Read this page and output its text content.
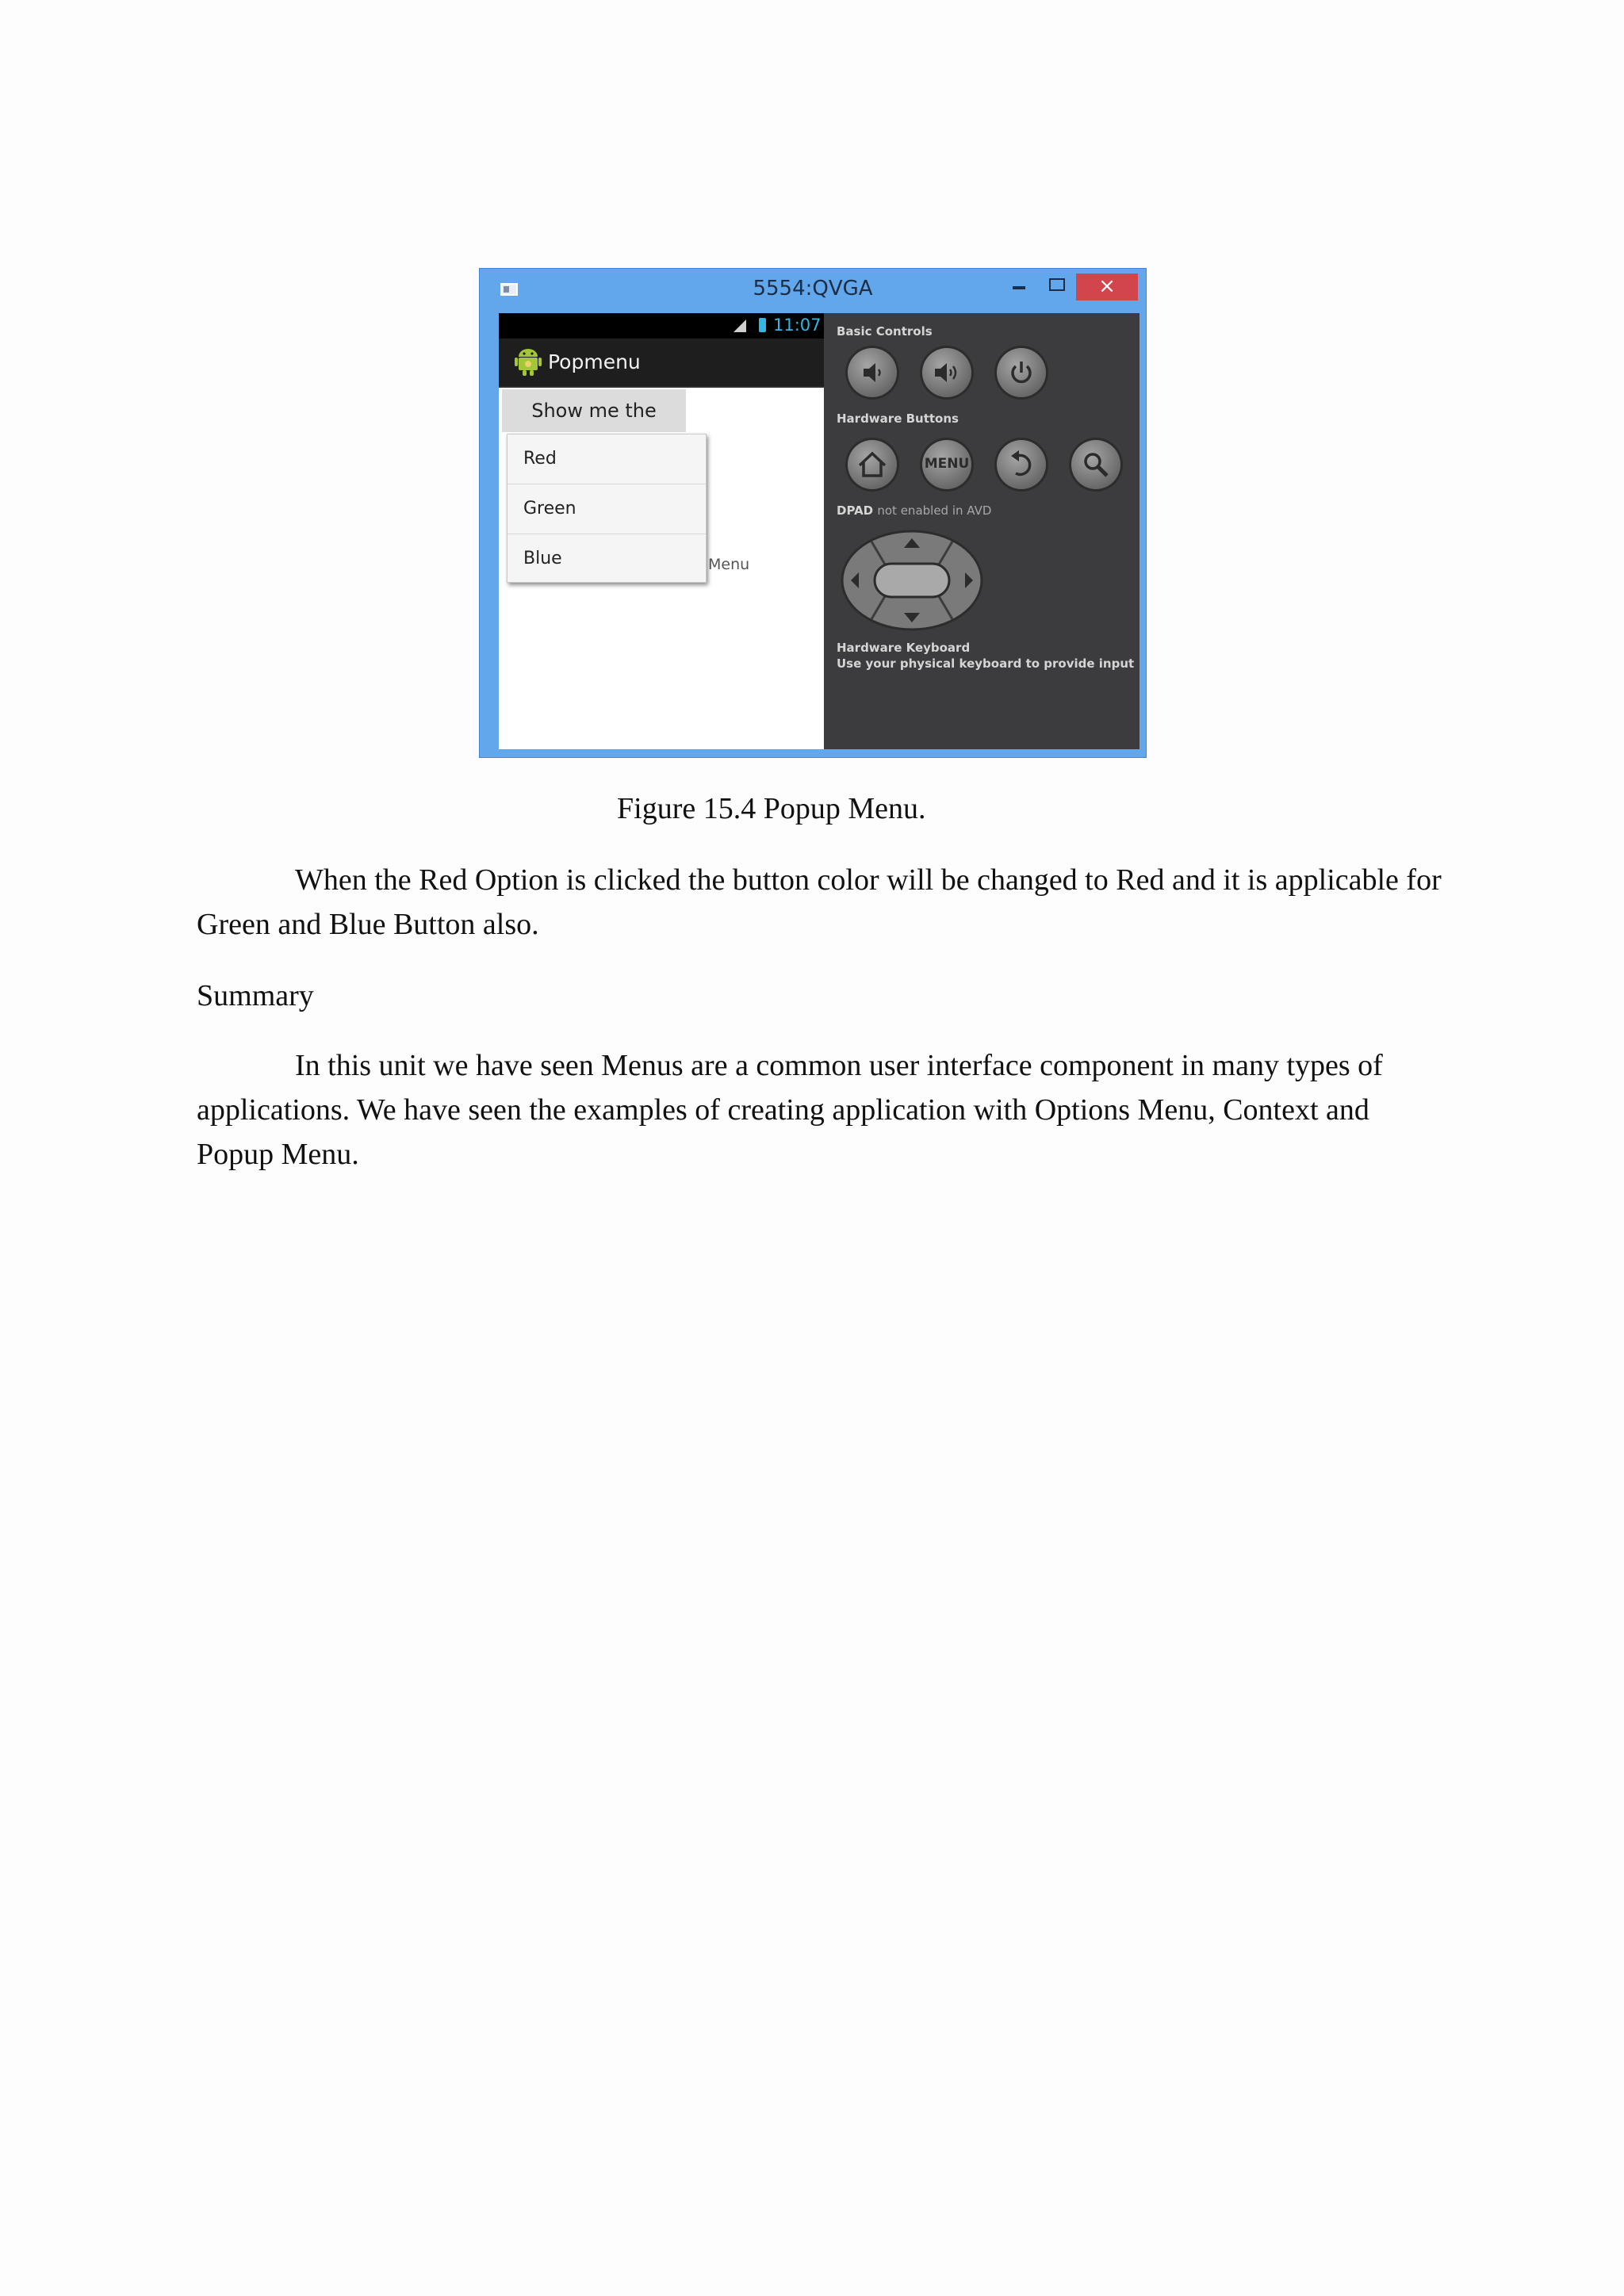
5554:QVGA	×
11:07
Popmenu
Show me the
Menu
Red
Green
Blue
Basic Controls
Hardware Buttons
MENU
DPAD not enabled in AVD
Hardware Keyboard
Use your physical keyboard to provide input
Figure 15.4 Popup Menu.
When the Red Option is clicked the button color will be changed to Red and it is applicable for Green and Blue Button also.
Summary
In this unit we have seen Menus are a common user interface component in many types of applications. We have seen the examples of creating application with Options Menu, Context and Popup Menu.
